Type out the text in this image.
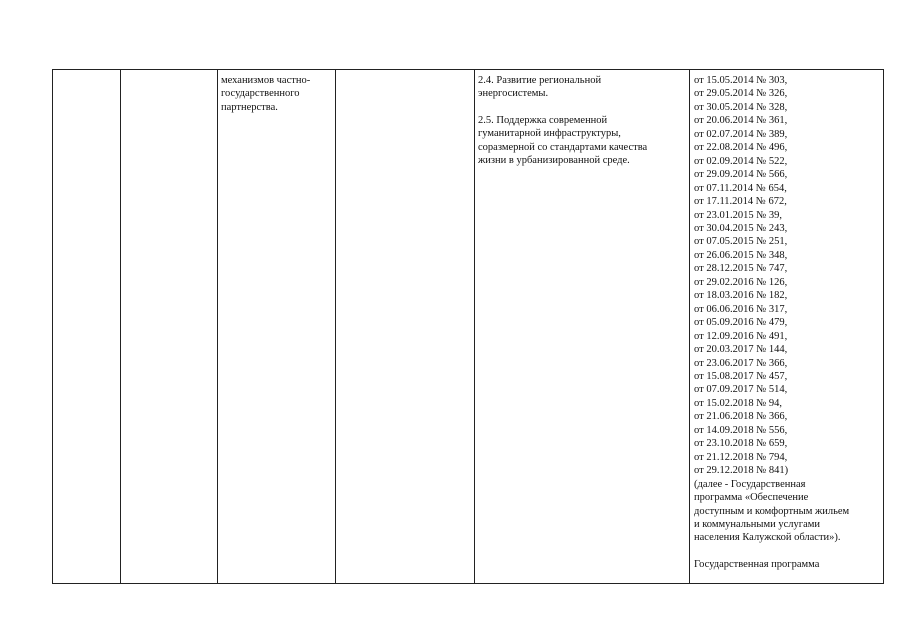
механизмов частно-
государственного
партнерства.
2.4. Развитие региональной
энергосистемы.
2.5. Поддержка современной
гуманитарной инфраструктуры,
соразмерной со стандартами качества
жизни в урбанизированной среде.
от 15.05.2014 № 303,
от 29.05.2014 № 326,
от 30.05.2014 № 328,
от 20.06.2014 № 361,
от 02.07.2014 № 389,
от 22.08.2014 № 496,
от 02.09.2014 № 522,
от 29.09.2014 № 566,
от 07.11.2014 № 654,
от 17.11.2014 № 672,
от 23.01.2015 № 39,
от 30.04.2015 № 243,
от 07.05.2015 № 251,
от 26.06.2015 № 348,
от 28.12.2015 № 747,
от 29.02.2016 № 126,
от 18.03.2016 № 182,
от 06.06.2016 № 317,
от 05.09.2016 № 479,
от 12.09.2016 № 491,
от 20.03.2017 № 144,
от 23.06.2017 № 366,
от 15.08.2017 № 457,
от 07.09.2017 № 514,
от 15.02.2018 № 94,
от 21.06.2018 № 366,
от 14.09.2018 № 556,
от 23.10.2018 № 659,
от 21.12.2018 № 794,
от 29.12.2018 № 841)
(далее - Государственная
программа «Обеспечение
доступным и комфортным жильем
и коммунальными услугами
населения Калужской области»).
Государственная программа
